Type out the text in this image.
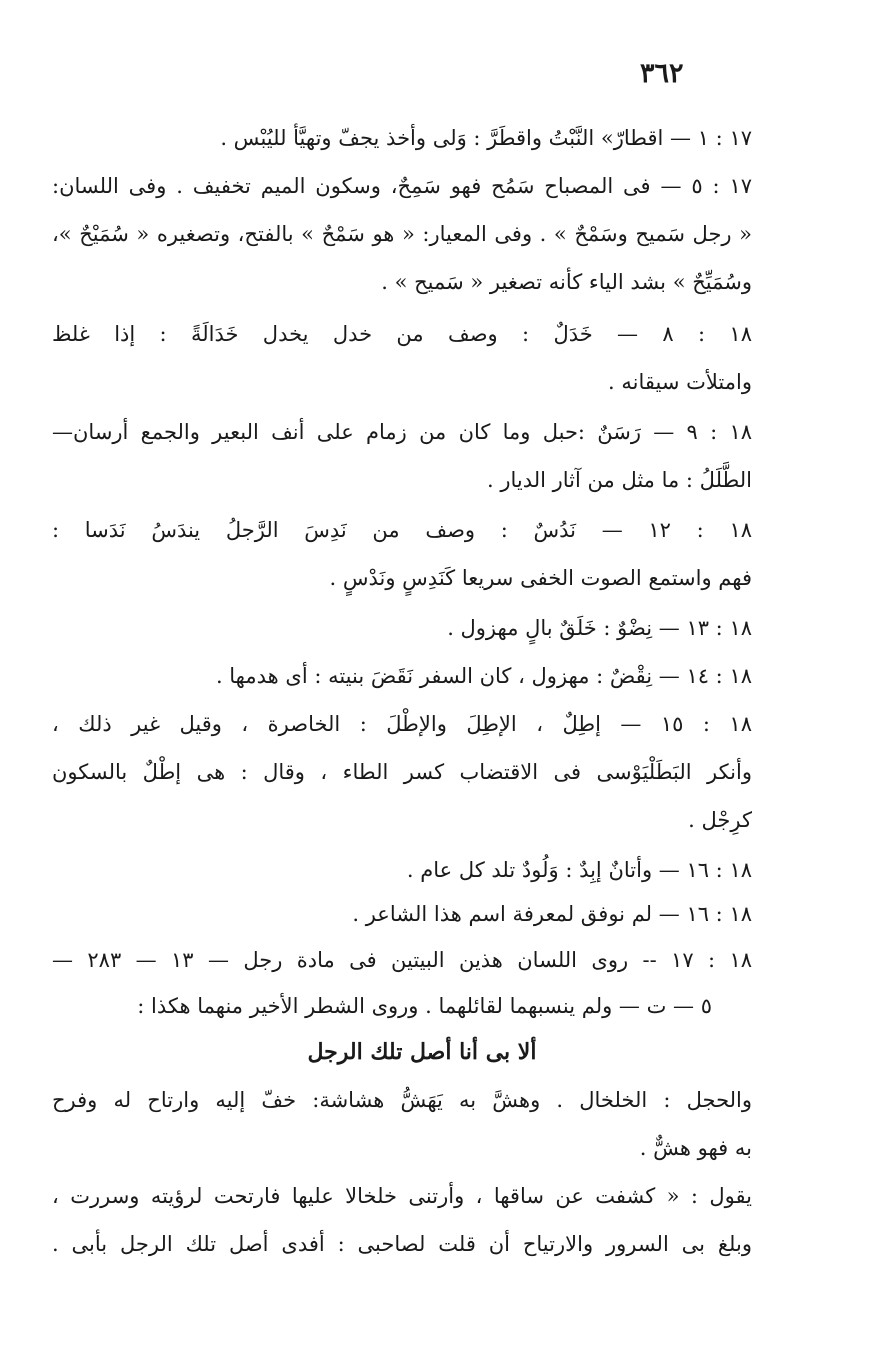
٣٦٢
١٧ : ١ — اقطارّ» النَّبْتُ واقطَرَّ : وَلى وأخذ يجفّ وتهيَّأ لليُبْس .
١٧ : ٥ — فى المصباح سَمُح فهو سَمِحٌ، وسكون الميم تخفيف . وفى اللسان:
« رجل سَميح وسَمْحٌ » . وفى المعيار: « هو سَمْحٌ » بالفتح، وتصغيره « سُمَيْحٌ »،
وسُمَيِّحٌ » بشد الياء كأنه تصغير « سَميح » .
١٨ : ٨ — خَدَلٌ : وصف من خدل يخدل خَدَالَةً : إذا غلظ
وامتلأت سيقانه .
١٨ : ٩ — رَسَنٌ :حبل وما كان من زمام على أنف البعير والجمع أرسان—
الطَّلَلُ : ما مثل من آثار الديار .
١٨ : ١٢ — نَدُسٌ : وصف من نَدِسَ الرَّجلُ يندَسُ نَدَسا :
فهم واستمع الصوت الخفى سريعا كَنَدِسٍ ونَدْسٍ .
١٨ : ١٣ — نِضْوٌ : خَلَقٌ بالٍ مهزول .
١٨ : ١٤ — نِقْضٌ : مهزول ، كان السفر نَقَضَ بنيته : أى هدمها .
١٨ : ١٥ — إطِلٌ ، الإطِلَ والإطْلَ : الخاصرة ، وقيل غير ذلك ،
وأنكر البَطَلْيَوْسى فى الاقتضاب كسر الطاء ، وقال : هى إطْلٌ بالسكون
كرِجْل .
١٨ : ١٦ — وأتانٌ إبِدٌ : وَلُودٌ تلد كل عام .
١٨ : ١٦ — لم نوفق لمعرفة اسم هذا الشاعر .
١٨ : ١٧ -- روى اللسان هذين البيتين فى مادة رجل — ١٣ — ٢٨٣ —
٥ — ت — ولم ينسبهما لقائلهما . وروى الشطر الأخير منهما هكذا :
ألا بى أنا أصل تلك الرجل
والحجل : الخلخال . وهشَّ به يَهَشُّ هشاشة: خفّ إليه وارتاح له وفرح
به فهو هشٌّ .
يقول : « كشفت عن ساقها ، وأرتنى خلخالا عليها فارتحت لرؤيته وسررت ،
وبلغ بى السرور والارتياح أن قلت لصاحبى : أفدى أصل تلك الرجل بأبى .
